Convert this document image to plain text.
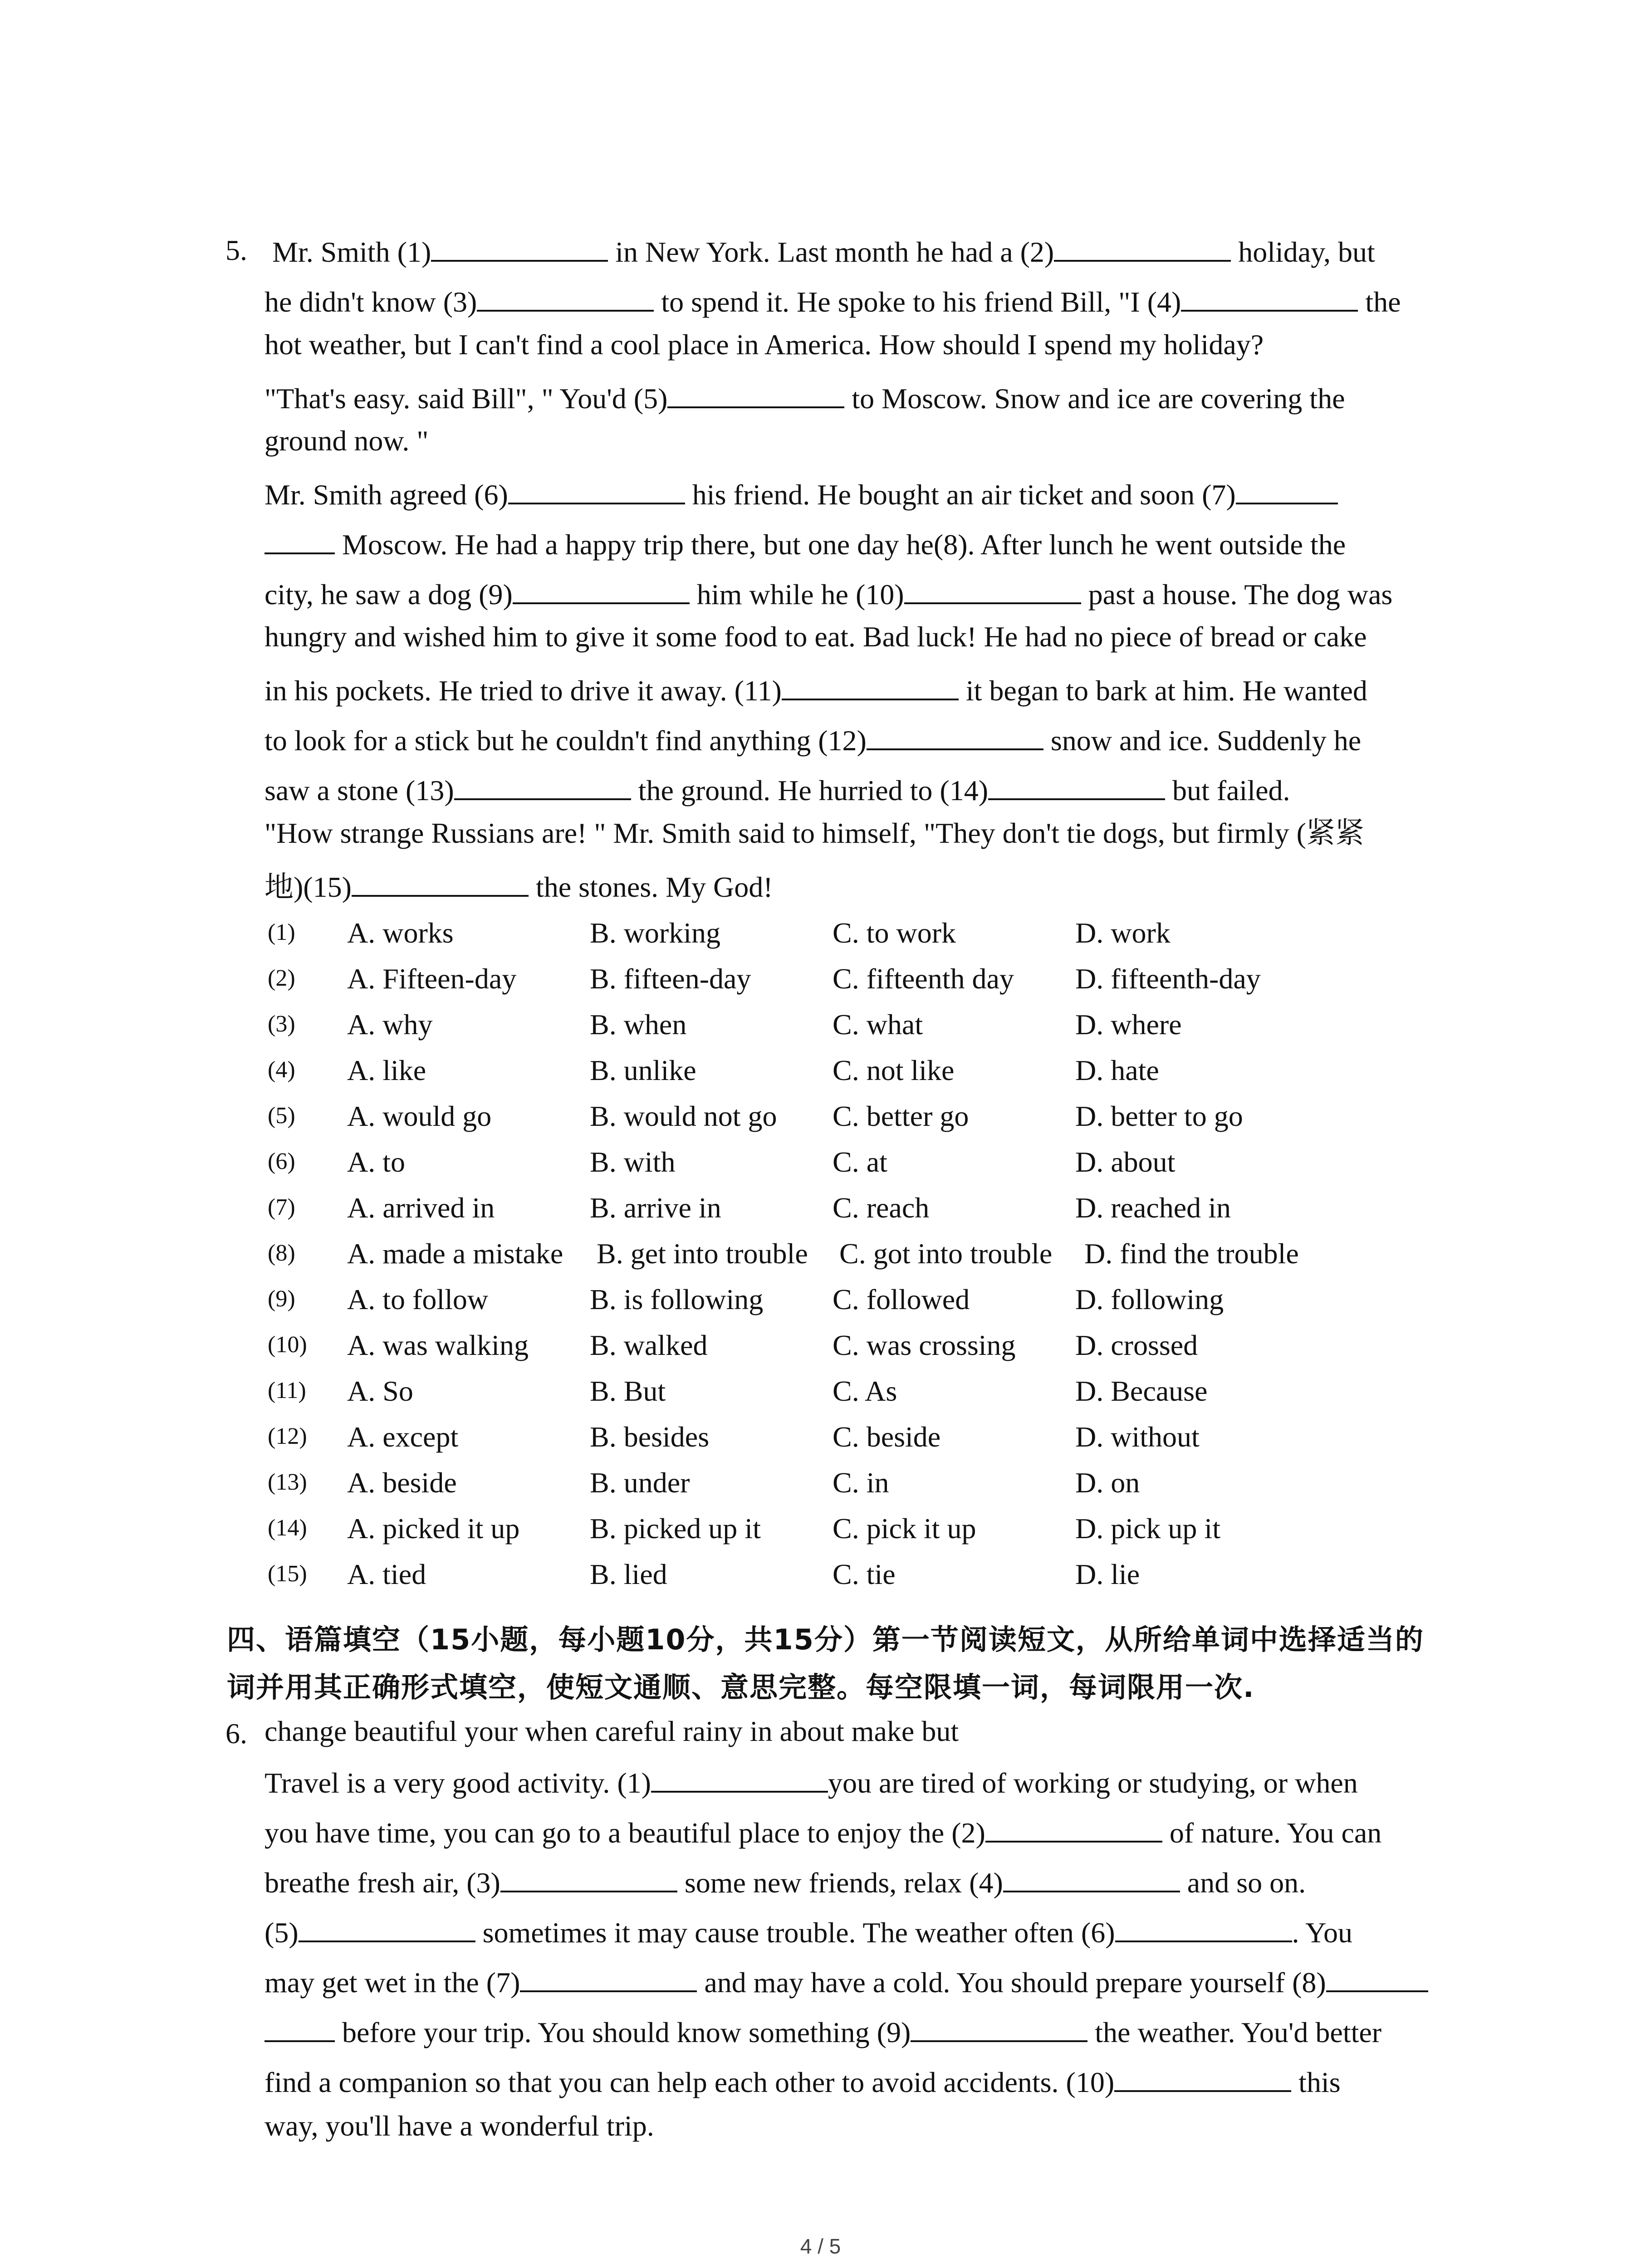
5. Mr. Smith (1)	in New York. Last month he had a (2)	holiday, but
he didn't know (3)	to spend it. He spoke to his friend Bill, "I (4)	the
hot weather, but I can't find a cool place in America. How should I spend my holiday?
"That's easy. said Bill", " You'd (5)	to Moscow. Snow and ice are covering the
ground now. "
Mr. Smith agreed (6)	his friend. He bought an air ticket and soon (7)
Moscow. He had a happy trip there, but one day he(8). After lunch he went outside the
city, he saw a dog (9)	him while he (10)	past a house. The dog was
hungry and wished him to give it some food to eat. Bad luck! He had no piece of bread or cake
in his pockets. He tried to drive it away. (11)	it began to bark at him. He wanted
to look for a stick but he couldn't find anything (12)	snow and ice. Suddenly he
saw a stone (13)	the ground. He hurried to (14)	but failed.
"How strange Russians are! " Mr. Smith said to himself, "They don't tie dogs, but firmly (紧紧
地)(15)	the stones. My God!
(1) A. works	B. working	C. to work	D. work
(2) A. Fifteen-day	B. fifteen-day	C. fifteenth day D. fifteenth-day
(3) A. why	B. when	C. what	D. where
(4) A. like	B. unlike	C. not like	D. hate
(5) A. would go	B. would not go C. better go	D. better to go
(6) A. to	B. with	C. at	D. about
(7) A. arrived in	B. arrive in	C. reach	D. reached in
(8) A. made a mistake B. get into trouble C. got into trouble D. find the trouble
(9) A. to follow	B. is following C. followed	D. following
(10) A. was walking B. walked	C. was crossing D. crossed
(11) A. So	B. But	C. As	D. Because
(12) A. except	B. besides	C. beside	D. without
(13) A. beside	B. under	C. in	D. on
(14) A. picked it up B. picked up it C. pick it up	D. pick up it
(15) A. tied	B. lied	C. tie	D. lie
四、语篇填空（15小题，每小题10分，共15分）第一节阅读短文，从所给单词中选择适当的
词并用其正确形式填空，使短文通顺、意思完整。每空限填一词，每词限用一次.
6. change beautiful your when careful rainy in about make but
Travel is a very good activity. (1)	you are tired of working or studying, or when
you have time, you can go to a beautiful place to enjoy the (2)	of nature. You can
breathe fresh air, (3)	some new friends, relax (4)	and so on.
(5)	sometimes it may cause trouble. The weather often (6)	. You
may get wet in the (7)	and may have a cold. You should prepare yourself (8)
before your trip. You should know something (9)	the weather. You'd better
find a companion so that you can help each other to avoid accidents. (10)	this
way, you'll have a wonderful trip.
4 / 5
